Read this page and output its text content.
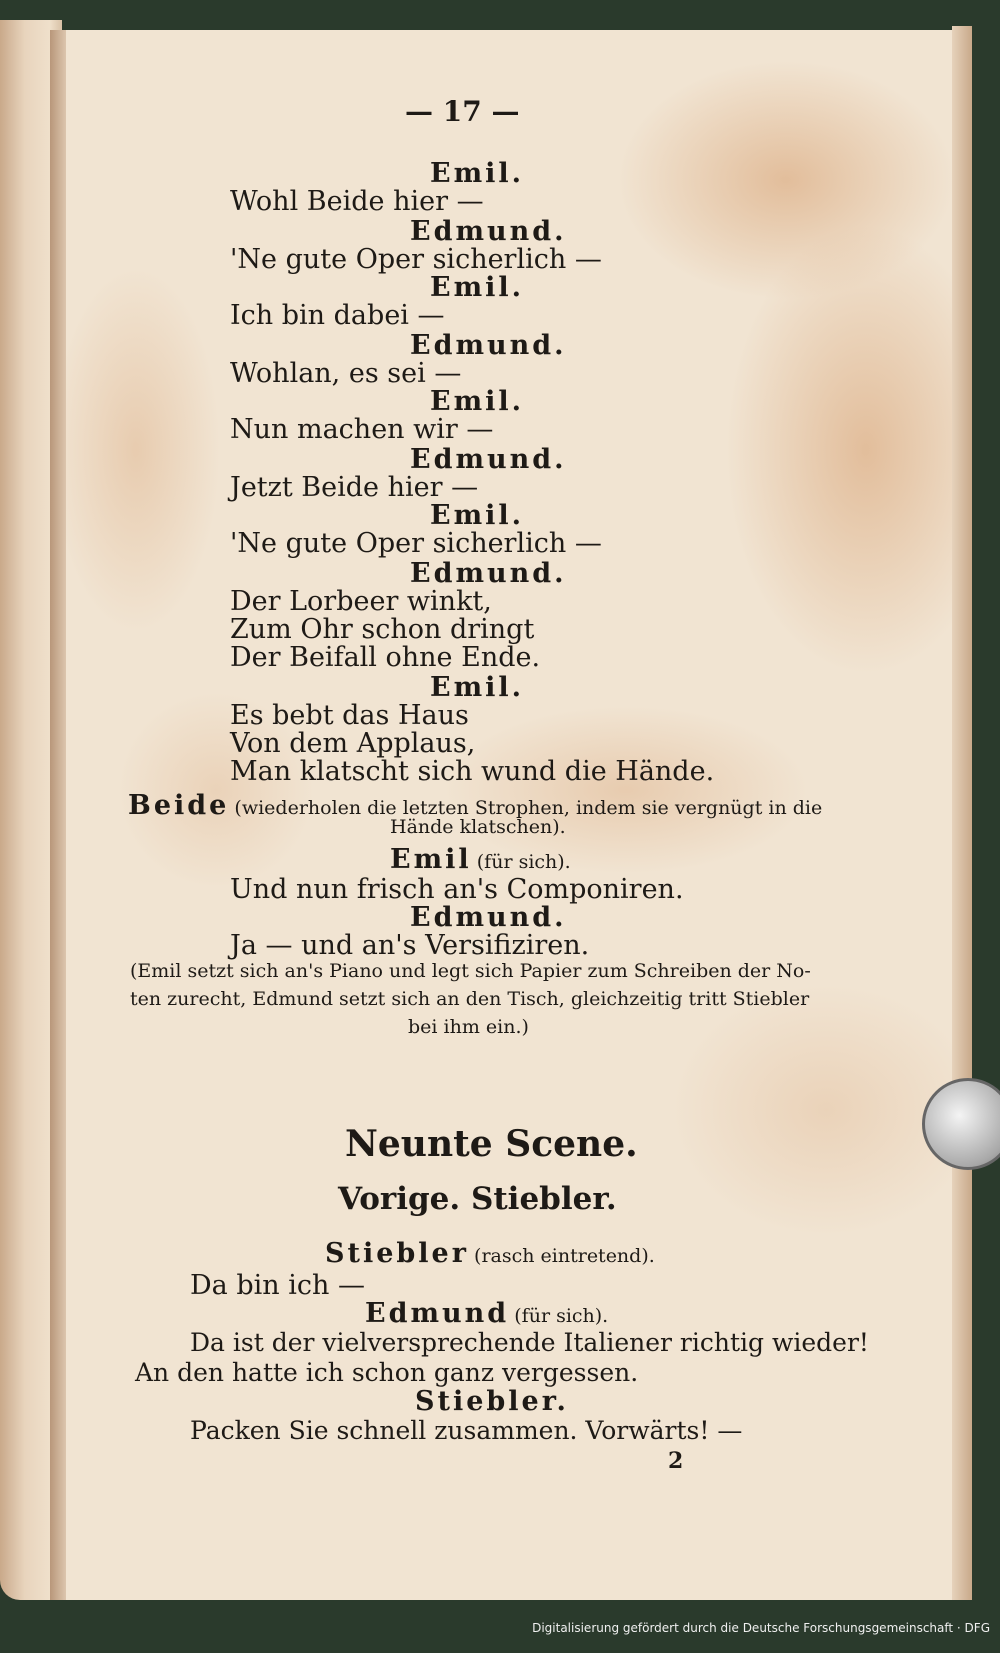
— 17 —

Emil.

Wohl Beide hier —

Edmund.

'Ne gute Oper sicherlich —

Emil.

Ich bin dabei —

Edmund.

Wohlan, es sei —

Emil.

Nun machen wir —

Edmund.

Jetzt Beide hier —

Emil.

'Ne gute Oper sicherlich —

Edmund.

Der Lorbeer winkt,

Zum Ohr schon dringt

Der Beifall ohne Ende.

Emil.

Es bebt das Haus

Von dem Applaus,

Man klatscht sich wund die Hände.

Beide (wiederholen die letzten Strophen, indem sie vergnügt in die

Hände klatschen).

Emil (für sich).

Und nun frisch an's Componiren.

Edmund.

Ja — und an's Versifiziren.

(Emil setzt sich an's Piano und legt sich Papier zum Schreiben der No-

ten zurecht, Edmund setzt sich an den Tisch, gleichzeitig tritt Stiebler

bei ihm ein.)

Neunte Scene.

Vorige. Stiebler.

Stiebler (rasch eintretend).

Da bin ich —

Edmund (für sich).

Da ist der vielversprechende Italiener richtig wieder!

An den hatte ich schon ganz vergessen.

Stiebler.

Packen Sie schnell zusammen. Vorwärts! —

2

Digitalisierung gefördert durch die Deutsche Forschungsgemeinschaft · DFG
